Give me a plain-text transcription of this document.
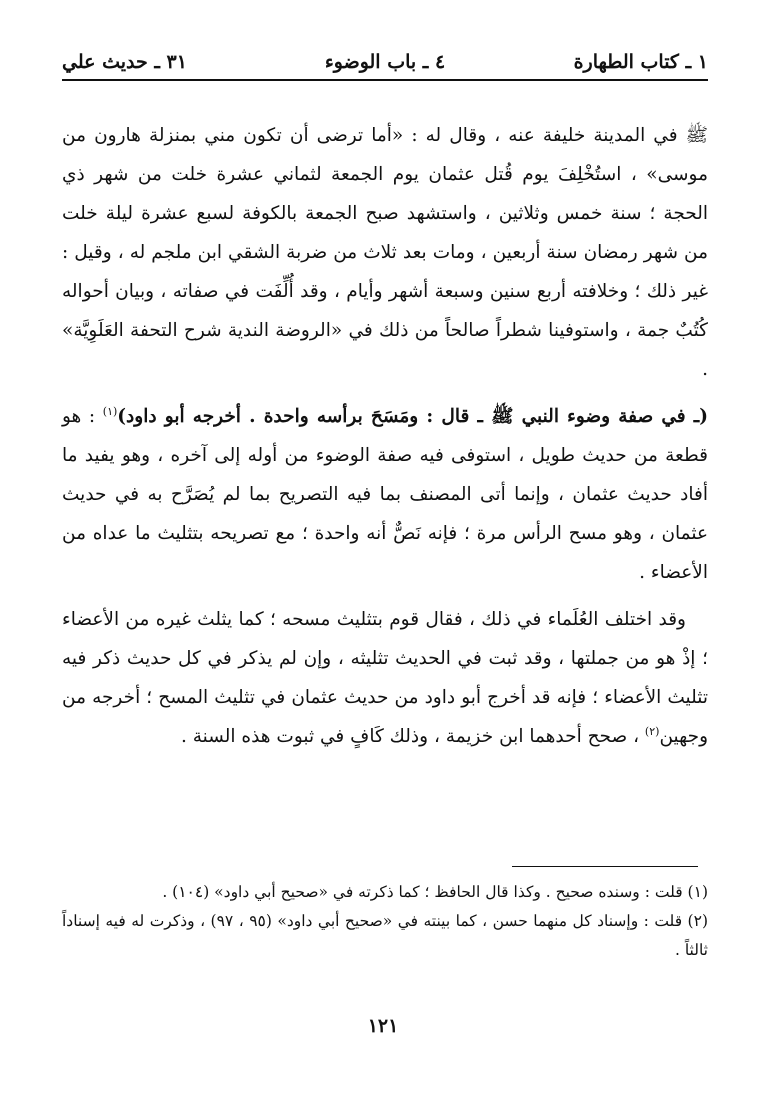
١ ـ كتاب الطهارة
٤ ـ باب الوضوء
٣١ ـ حديث علي

ﷺ في المدينة خليفة عنه ، وقال له : «أما ترضى أن تكون مني بمنزلة هارون من موسى» ، استُخْلِفَ يوم قُتل عثمان يوم الجمعة لثماني عشرة خلت من شهر ذي الحجة ؛ سنة خمس وثلاثين ، واستشهد صبح الجمعة بالكوفة لسبع عشرة ليلة خلت من شهر رمضان سنة أربعين ، ومات بعد ثلاث من ضربة الشقي ابن ملجم له ، وقيل : غير ذلك ؛ وخلافته أربع سنين وسبعة أشهر وأيام ، وقد أُلِّفَت في صفاته ، وبيان أحواله كُتُبٌ جمة ، واستوفينا شطراً صالحاً من ذلك في «الروضة الندية شرح التحفة العَلَوِيَّة» .

(ـ في صفة وضوء النبي ﷺ ـ قال : ومَسَحَ برأسه واحدة . أخرجه أبو داود)$^{(١)}$ : هو قطعة من حديث طويل ، استوفى فيه صفة الوضوء من أوله إلى آخره ، وهو يفيد ما أفاد حديث عثمان ، وإنما أتى المصنف بما فيه التصريح بما لم يُصَرَّح به في حديث عثمان ، وهو مسح الرأس مرة ؛ فإنه نَصٌّ أنه واحدة ؛ مع تصريحه بتثليث ما عداه من الأعضاء .

وقد اختلف العُلَماء في ذلك ، فقال قوم بتثليث مسحه ؛ كما يثلث غيره من الأعضاء ؛ إذْ هو من جملتها ، وقد ثبت في الحديث تثليثه ، وإن لم يذكر في كل حديث ذكر فيه تثليث الأعضاء ؛ فإنه قد أخرج أبو داود من حديث عثمان في تثليث المسح ؛ أخرجه من وجهين$^{(٢)}$ ، صحح أحدهما ابن خزيمة ، وذلك كَافٍ في ثبوت هذه السنة .

(١) قلت : وسنده صحيح . وكذا قال الحافظ ؛ كما ذكرته في «صحيح أبي داود» (١٠٤) .

(٢) قلت : وإسناد كل منهما حسن ، كما بينته في «صحيح أبي داود» (٩٥ ، ٩٧) ، وذكرت له فيه إسناداً ثالثاً .

١٢١
